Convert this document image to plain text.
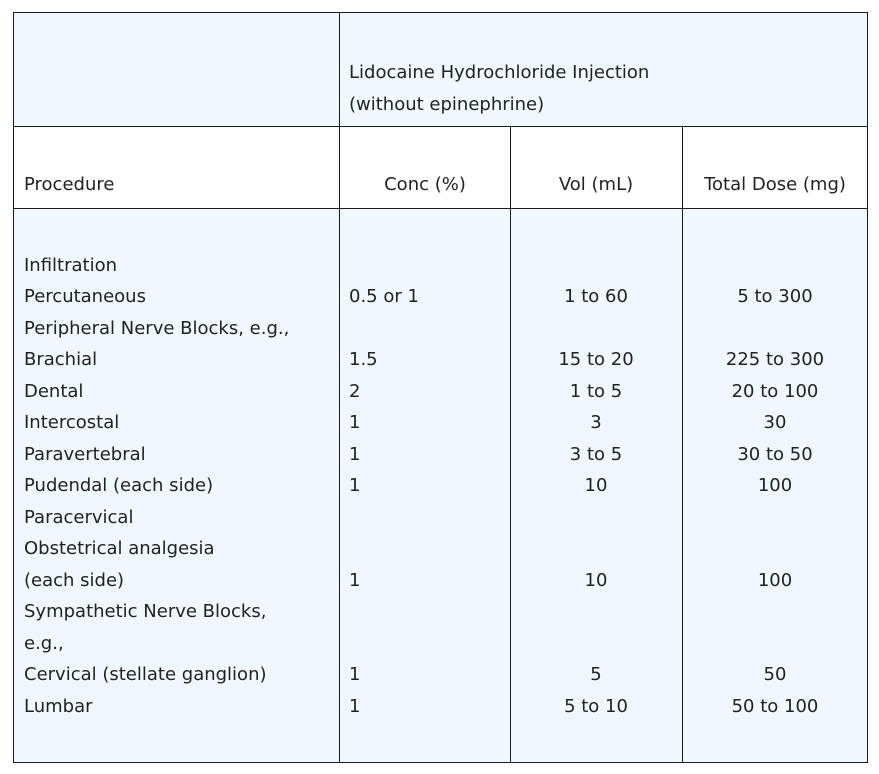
Lidocaine Hydrochloride Injection
(without epinephrine)
Procedure	Conc (%)	Vol (mL)	Total Dose (mg)
Infiltration
Percutaneous	0.5 or 1	1 to 60	5 to 300
Peripheral Nerve Blocks, e.g.,
Brachial	1.5	15 to 20	225 to 300
Dental	2	1 to 5	20 to 100
Intercostal	1	3	30
Paravertebral	1	3 to 5	30 to 50
Pudendal (each side)	1	10	100
Paracervical
Obstetrical analgesia
(each side)	1	10	100
Sympathetic Nerve Blocks,
e.g.,
Cervical (stellate ganglion)	1	5	50
Lumbar	1	5 to 10	50 to 100
